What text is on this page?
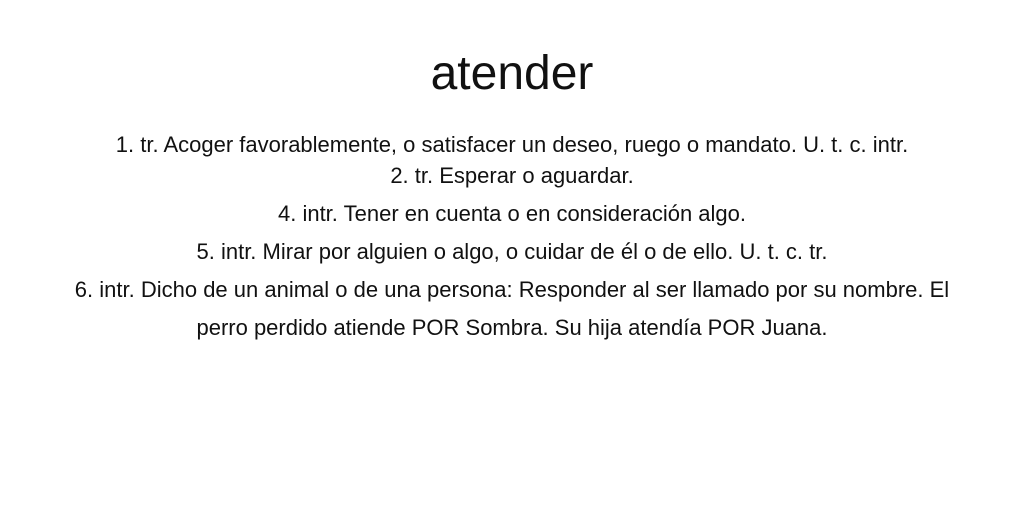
atender
1. tr. Acoger favorablemente, o satisfacer un deseo, ruego o mandato. U. t. c. intr.
2. tr. Esperar o aguardar.
4. intr. Tener en cuenta o en consideración algo.
5. intr. Mirar por alguien o algo, o cuidar de él o de ello. U. t. c. tr.
6. intr. Dicho de un animal o de una persona: Responder al ser llamado por su nombre. El perro perdido atiende POR Sombra. Su hija atendía POR Juana.
